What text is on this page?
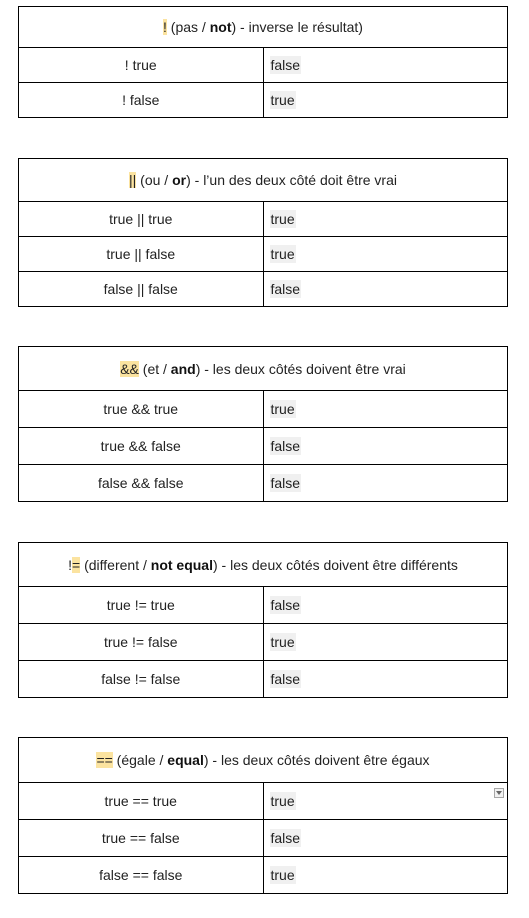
! (pas / not) - inverse le résultat)	
! true	false
! false	true
|| (ou / or) - l’un des deux côté doit être vrai	
true || true	true
true || false	true
false || false	false
&& (et / and) - les deux côtés doivent être vrai	
true && true	true
true && false	false
false && false	false
!= (different / not equal) - les deux côtés doivent être différents	
true != true	false
true != false	true
false != false	false
== (égale / equal) - les deux côtés doivent être égaux	
true == true	true

true == false	false
false == false	true
